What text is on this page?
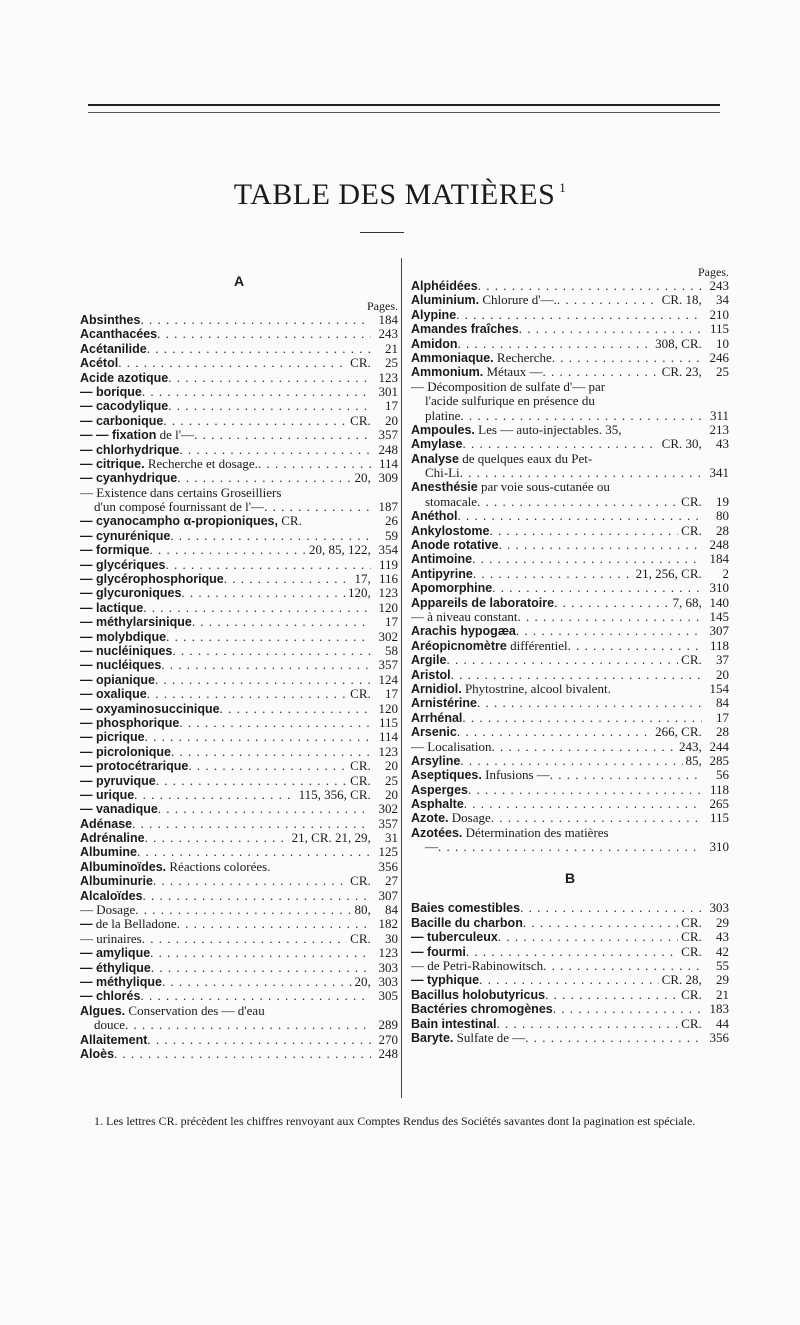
TABLE DES MATIÈRES $^1$
A
Pages.
Absinthes . . .	184
Acanthacées . . .	243
Acétanilide . . .	21
Acétol . . .	CR. 25
Acide azotique . . .	123
— borique . . .	301
— cacodylique . . .	17
— carbonique . . .	CR. 20
— — fixation de l'— . . .	357
— chlorhydrique . . .	248
— citrique. Recherche et dosage. . . .	114
— cyanhydrique . . .	20, 309
— Existence dans certains Groseilliers
d'un composé fournissant de l'— . . .	187
— cyanocampho α-propioniques, CR.	26
— cynurénique . . .	59
— formique . . .	20, 85, 122, 354
— glycériques . . .	119
— glycérophosphorique . . .	17, 116
— glycuroniques . . .	120, 123
— lactique . . .	120
— méthylarsinique . . .	17
— molybdique . . .	302
— nucléiniques . . .	58
— nucléiques . . .	357
— opianique . . .	124
— oxalique . . .	CR. 17
— oxyaminosuccinique . . .	120
— phosphorique . . .	115
— picrique . . .	114
— picrolonique . . .	123
— protocétrarique . . .	CR. 20
— pyruvique . . .	CR. 25
— urique . . .	115, 356, CR. 20
— vanadique . . .	302
Adénase . . .	357
Adrénaline . . .	21, CR. 21, 29, 31
Albumine . . .	125
Albuminoïdes. Réactions colorées.	356
Albuminurie . . .	CR. 27
Alcaloïdes . . .	307
— Dosage . . .	80, 84
— de la Belladone . . .	182
— urinaires . . .	CR. 30
— amylique . . .	123
— éthylique . . .	303
— méthylique . . .	20, 303
— chlorés . . .	305
Algues. Conservation des — d'eau
douce . . .	289
Allaitement . . .	270
Aloès . . .	248
Pages.
Alphéidées . . .	243
Aluminium. Chlorure d'—. . . .	CR. 18, 34
Alypine . . .	210
Amandes fraîches . . .	115
Amidon . . .	308, CR. 10
Ammoniaque. Recherche . . .	246
Ammonium. Métaux — . . .	CR. 23, 25
— Décomposition de sulfate d'— par
l'acide sulfurique en présence du
platine . . .	311
Ampoules. Les — auto-injectables. 35,	213
Amylase . . .	CR. 30, 43
Analyse de quelques eaux du Pet-
Chi-Li . . .	341
Anesthésie par voie sous-cutanée ou
stomacale . . .	CR. 19
Anéthol . . .	80
Ankylostome . . .	CR. 28
Anode rotative . . .	248
Antimoine . . .	184
Antipyrine . . .	21, 256, CR. 2
Apomorphine . . .	310
Appareils de laboratoire . . .	7, 68, 140
— à niveau constant . . .	145
Arachis hypogæa . . .	307
Aréopicnomètre différentiel . . .	118
Argile . . .	CR. 37
Aristol . . .	20
Arnidiol. Phytostrine, alcool bivalent.	154
Arnistérine . . .	84
Arrhénal . . .	17
Arsenic . . .	266, CR. 28
— Localisation . . .	243, 244
Arsyline . . .	85, 285
Aseptiques. Infusions — . . .	56
Asperges . . .	118
Asphalte . . .	265
Azote. Dosage . . .	115
Azotées. Détermination des matières
— . . .	310

B

Baies comestibles . . .	303
Bacille du charbon . . .	CR. 29
— tuberculeux . . .	CR. 43
— fourmi . . .	CR. 42
— de Petri-Rabinowitsch . . .	55
— typhique . . .	CR. 28, 29
Bacillus holobutyricus . . .	CR. 21
Bactéries chromogènes . . .	183
Bain intestinal . . .	CR. 44
Baryte. Sulfate de — . . .	356
1. Les lettres CR. précèdent les chiffres renvoyant aux Comptes Rendus des Sociétés savantes dont la pagination est spéciale.
